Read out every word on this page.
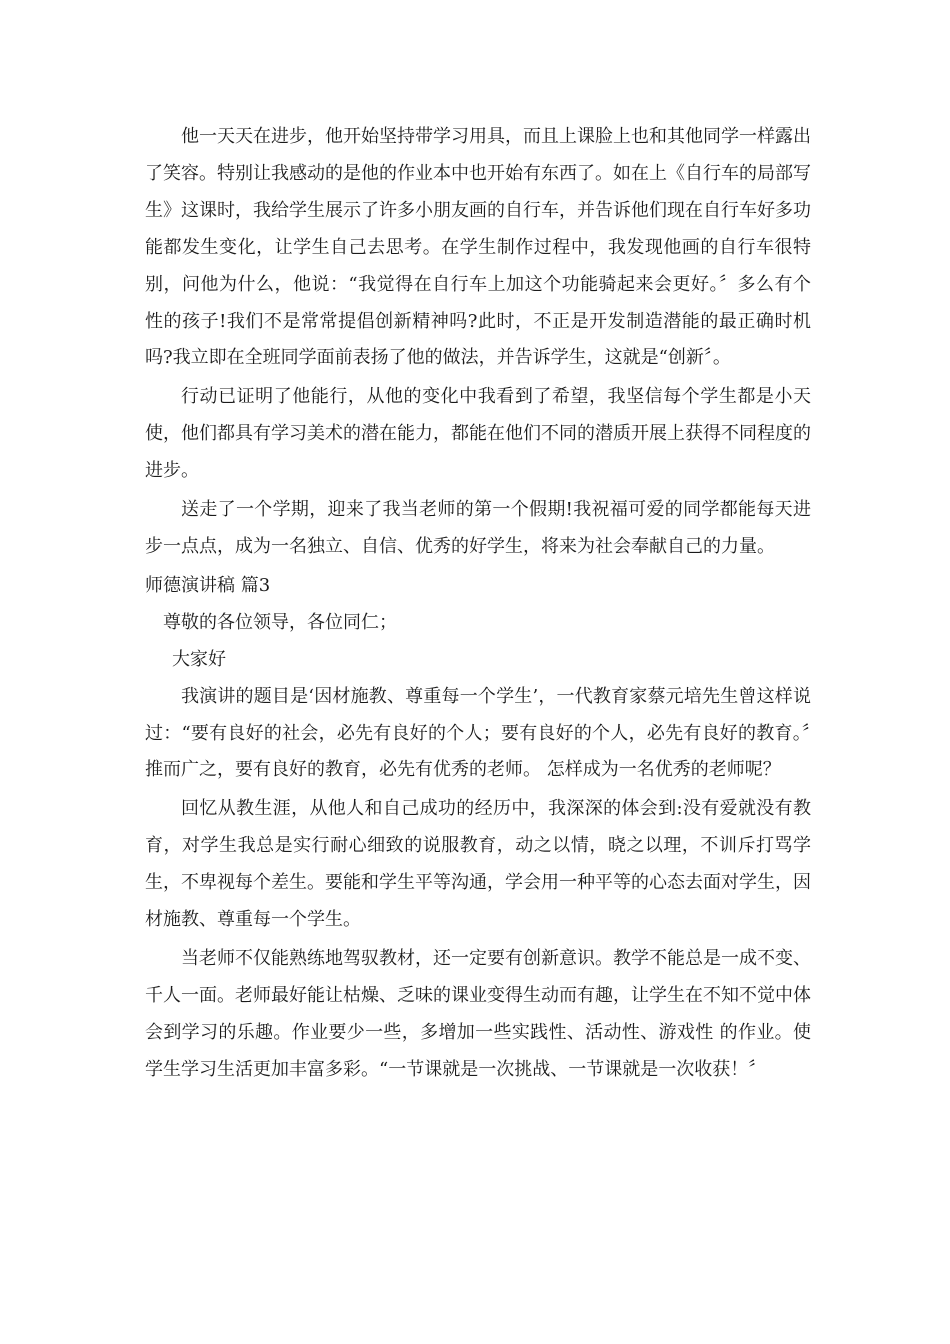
他一天天在进步，他开始坚持带学习用具，而且上课脸上也和其他同学一样露出了笑容。特别让我感动的是他的作业本中也开始有东西了。如在上《自行车的局部写生》这课时，我给学生展示了许多小朋友画的自行车，并告诉他们现在自行车好多功能都发生变化，让学生自己去思考。在学生制作过程中，我发现他画的自行车很特别，问他为什么，他说：“我觉得在自行车上加这个功能骑起来会更好。〞多么有个性的孩子!我们不是常常提倡创新精神吗?此时，不正是开发制造潜能的最正确时机吗?我立即在全班同学面前表扬了他的做法，并告诉学生，这就是“创新〞。

行动已证明了他能行，从他的变化中我看到了希望，我坚信每个学生都是小天使，他们都具有学习美术的潜在能力，都能在他们不同的潜质开展上获得不同程度的进步。

送走了一个学期，迎来了我当老师的第一个假期!我祝福可爱的同学都能每天进步一点点，成为一名独立、自信、优秀的好学生，将来为社会奉献自己的力量。

师德演讲稿 篇3

尊敬的各位领导，各位同仁；

大家好

我演讲的题目是‘因材施教、尊重每一个学生’，一代教育家蔡元培先生曾这样说过：“要有良好的社会，必先有良好的个人；要有良好的个人，必先有良好的教育。〞推而广之，要有良好的教育，必先有优秀的老师。 怎样成为一名优秀的老师呢？

回忆从教生涯，从他人和自己成功的经历中，我深深的体会到:没有爱就没有教育，对学生我总是实行耐心细致的说服教育，动之以情，晓之以理，不训斥打骂学生，不卑视每个差生。要能和学生平等沟通，学会用一种平等的心态去面对学生，因材施教、尊重每一个学生。

当老师不仅能熟练地驾驭教材，还一定要有创新意识。教学不能总是一成不变、千人一面。老师最好能让枯燥、乏味的课业变得生动而有趣，让学生在不知不觉中体会到学习的乐趣。作业要少一些，多增加一些实践性、活动性、游戏性 的作业。使学生学习生活更加丰富多彩。“一节课就是一次挑战、一节课就是一次收获！〞
